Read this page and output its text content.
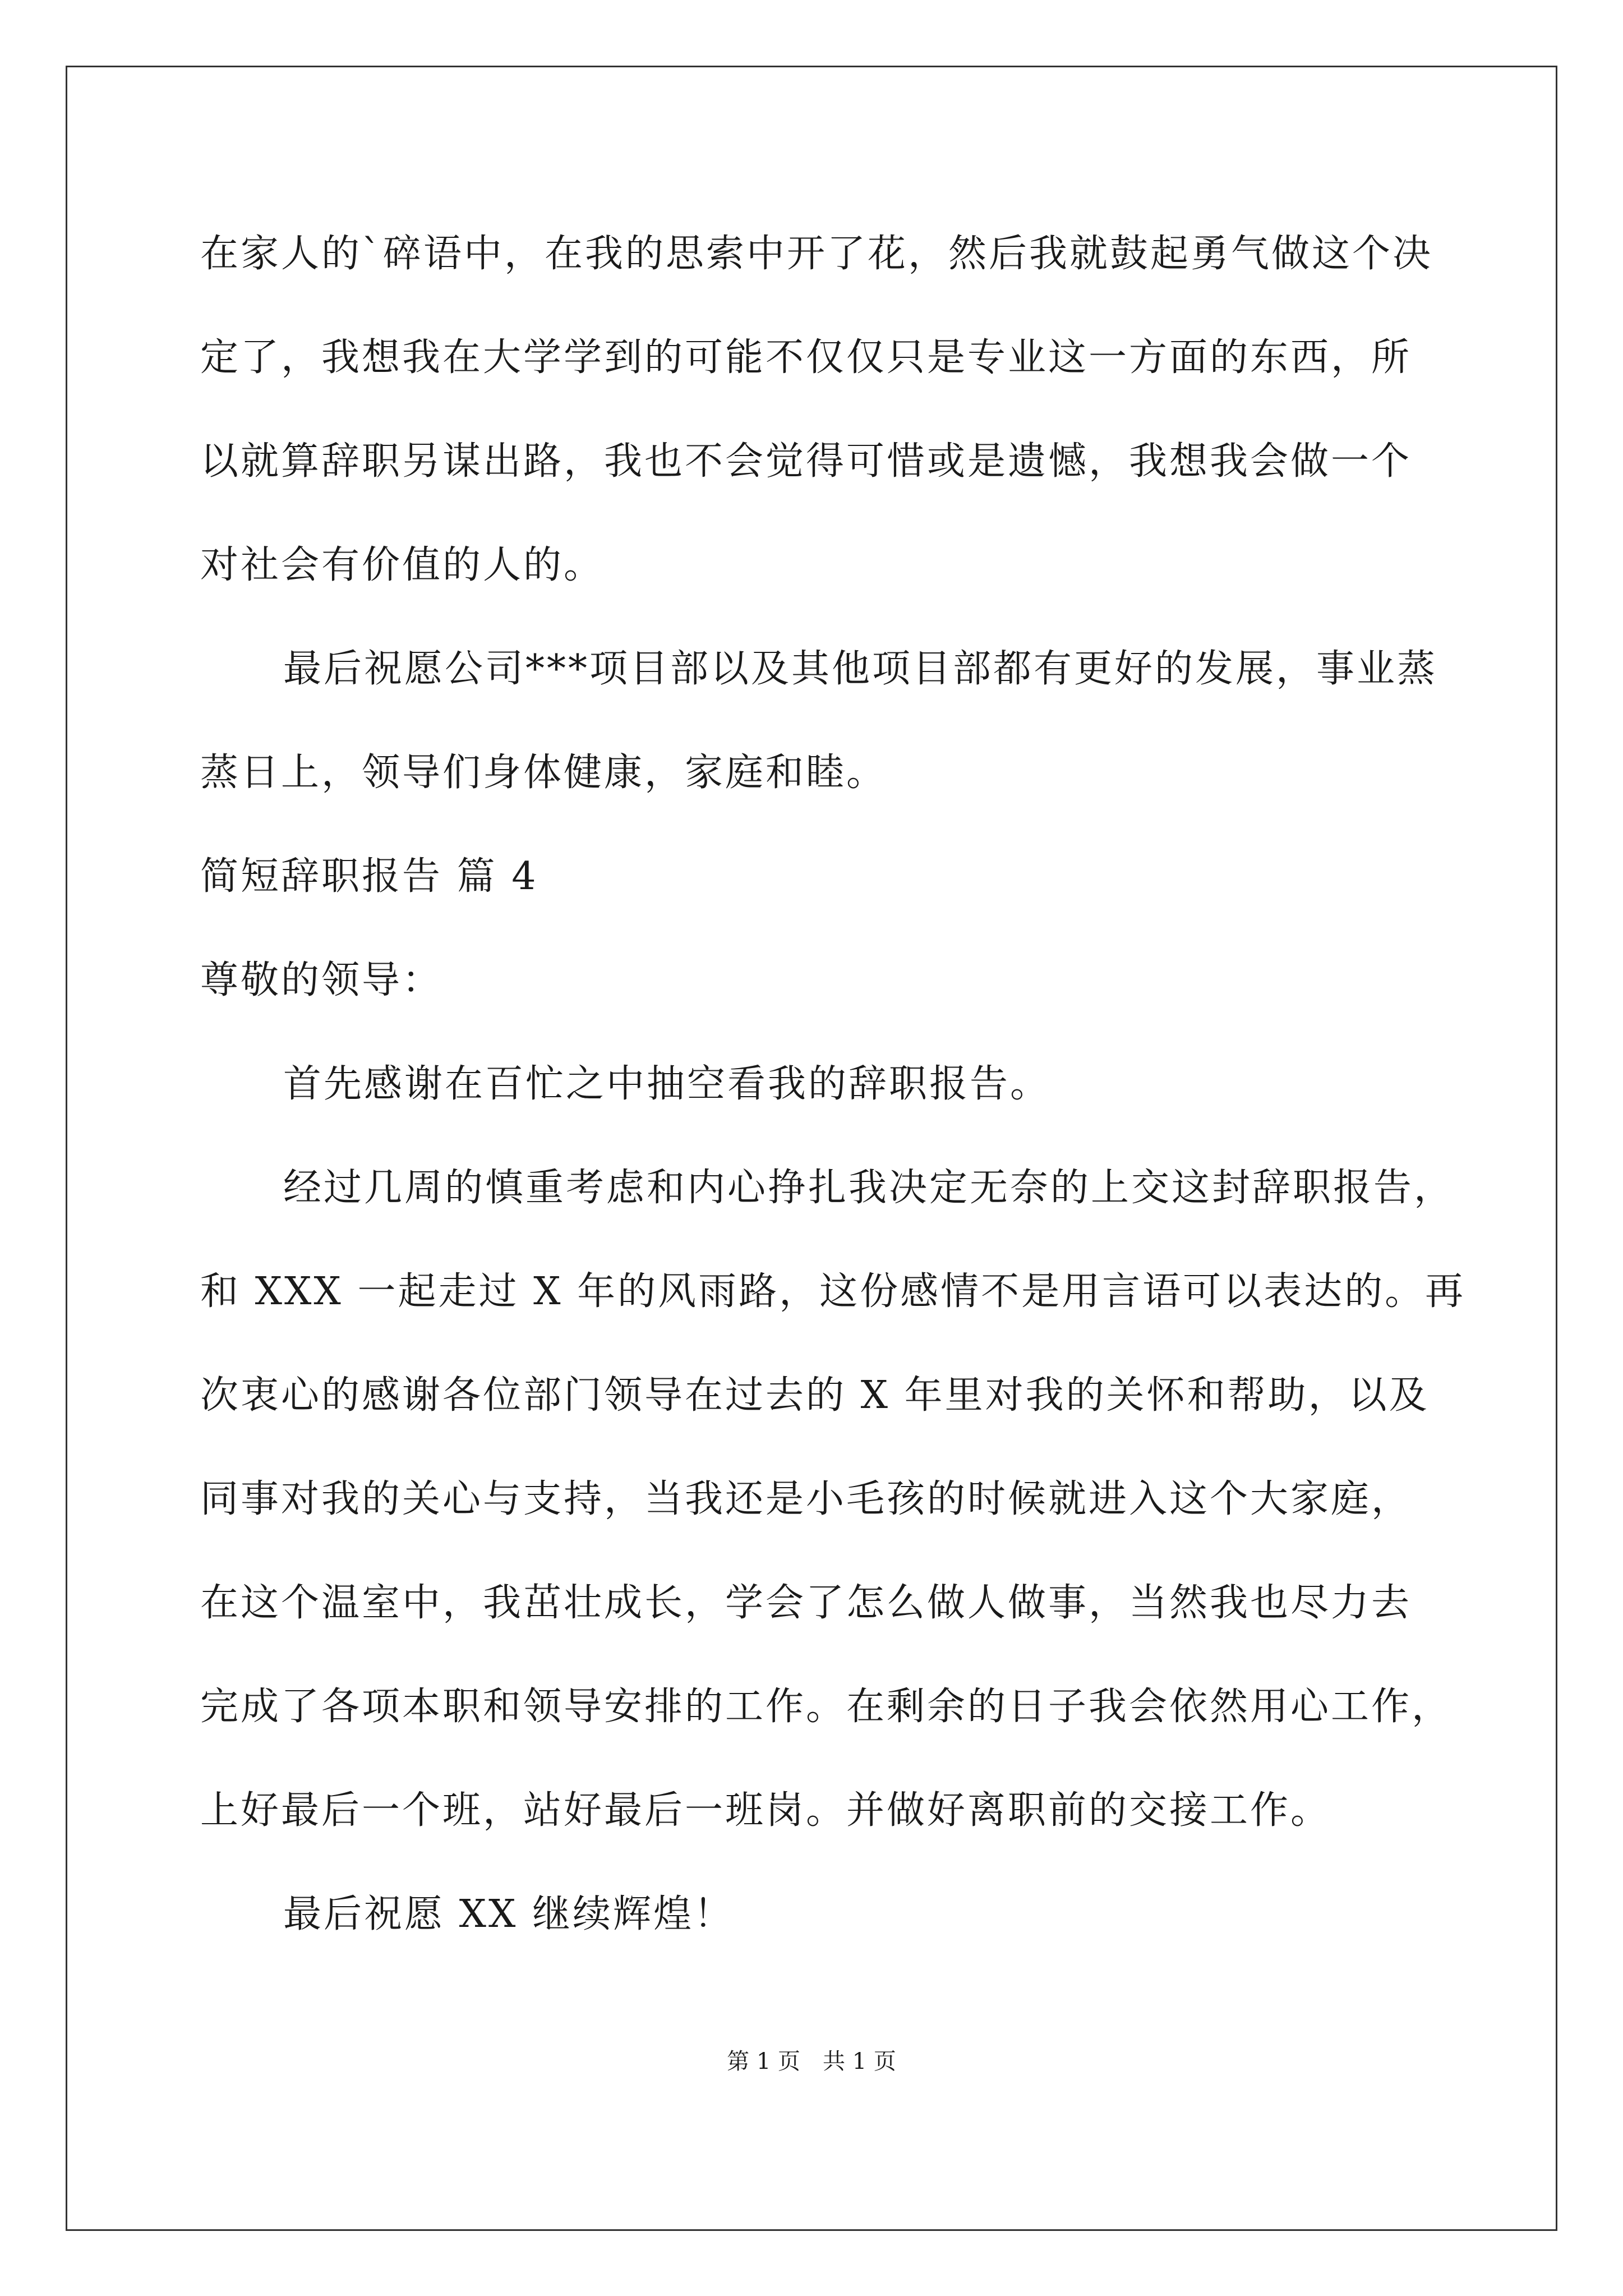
在家人的`碎语中，在我的思索中开了花，然后我就鼓起勇气做这个决
定了，我想我在大学学到的可能不仅仅只是专业这一方面的东西，所
以就算辞职另谋出路，我也不会觉得可惜或是遗憾，我想我会做一个
对社会有价值的人的。
最后祝愿公司***项目部以及其他项目部都有更好的发展，事业蒸
蒸日上，领导们身体健康，家庭和睦。
简短辞职报告 篇 4
尊敬的领导：
首先感谢在百忙之中抽空看我的辞职报告。
经过几周的慎重考虑和内心挣扎我决定无奈的上交这封辞职报告，
和 XXX 一起走过 X 年的风雨路，这份感情不是用言语可以表达的。再
次衷心的感谢各位部门领导在过去的 X 年里对我的关怀和帮助，以及
同事对我的关心与支持，当我还是小毛孩的时候就进入这个大家庭，
在这个温室中，我茁壮成长，学会了怎么做人做事，当然我也尽力去
完成了各项本职和领导安排的工作。在剩余的日子我会依然用心工作，
上好最后一个班，站好最后一班岗。并做好离职前的交接工作。
最后祝愿 XX 继续辉煌！
第 1 页　共 1 页
